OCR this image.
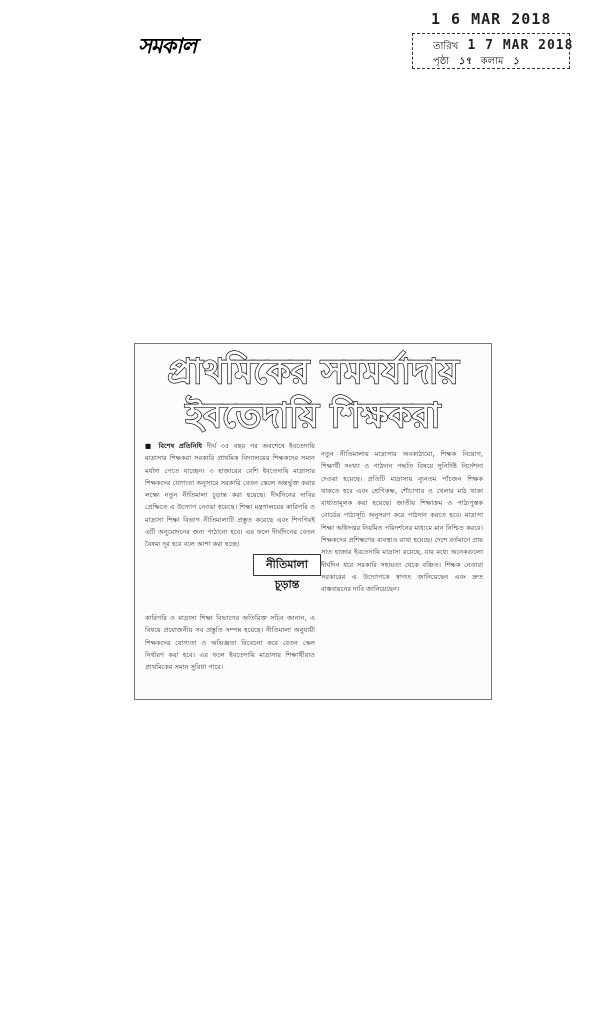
সমকাল
1 6 MAR 2018
তারিখ 1 7 MAR 2018
পৃষ্ঠা ১৭ কলাম ১
প্রাথমিকের সমমর্যাদায়
ইবতেদায়ি শিক্ষকরা
■ বিশেষ প্রতিনিধি দীর্ঘ ৩৫ বছর পর অবশেষে ইবতেদায়ি মাদ্রাসার শিক্ষকরা সরকারি প্রাথমিক বিদ্যালয়ের শিক্ষকদের সমান মর্যাদা পেতে যাচ্ছেন। ৩ হাজারের বেশি ইবতেদায়ি মাদ্রাসার শিক্ষকদের যোগ্যতা অনুসারে সরকারি বেতন স্কেলে অন্তর্ভুক্ত করার লক্ষ্যে নতুন নীতিমালা চূড়ান্ত করা হয়েছে। দীর্ঘদিনের দাবির প্রেক্ষিতে এ উদ্যোগ নেওয়া হয়েছে। শিক্ষা মন্ত্রণালয়ের কারিগরি ও মাদ্রাসা শিক্ষা বিভাগ নীতিমালাটি প্রস্তুত করেছে এবং শিগগিরই এটি অনুমোদনের জন্য পাঠানো হবে। এর ফলে দীর্ঘদিনের বেতন বৈষম্য দূর হবে বলে আশা করা হচ্ছে।
নীতিমালা চূড়ান্ত
কারিগরি ও মাদ্রাসা শিক্ষা বিভাগের অতিরিক্ত সচিব জানান, এ বিষয়ে প্রয়োজনীয় সব প্রস্তুতি সম্পন্ন হয়েছে। নীতিমালা অনুযায়ী শিক্ষকদের যোগ্যতা ও অভিজ্ঞতা বিবেচনা করে বেতন স্কেল নির্ধারণ করা হবে। এর ফলে ইবতেদায়ি মাদ্রাসার শিক্ষার্থীরাও প্রাথমিকের সমান সুবিধা পাবে।
নতুন নীতিমালায় মাদ্রাসার অবকাঠামো, শিক্ষক নিয়োগ, শিক্ষার্থী সংখ্যা ও পাঠদান পদ্ধতি বিষয়ে সুনির্দিষ্ট নির্দেশনা দেওয়া হয়েছে। প্রতিটি মাদ্রাসায় ন্যূনতম পাঁচজন শিক্ষক থাকতে হবে এবং শ্রেণিকক্ষ, শৌচাগার ও খেলার মাঠ থাকা বাধ্যতামূলক করা হয়েছে। জাতীয় শিক্ষাক্রম ও পাঠ্যপুস্তক বোর্ডের পাঠ্যসূচি অনুসরণ করে পাঠদান করতে হবে। মাদ্রাসা শিক্ষা অধিদপ্তর নিয়মিত পরিদর্শনের মাধ্যমে মান নিশ্চিত করবে। শিক্ষকদের প্রশিক্ষণের ব্যবস্থাও রাখা হয়েছে। দেশে বর্তমানে প্রায় সাত হাজার ইবতেদায়ি মাদ্রাসা রয়েছে, যার মধ্যে অনেকগুলো দীর্ঘদিন ধরে সরকারি সহায়তা থেকে বঞ্চিত। শিক্ষক নেতারা সরকারের এ উদ্যোগকে স্বাগত জানিয়েছেন এবং দ্রুত বাস্তবায়নের দাবি জানিয়েছেন।
